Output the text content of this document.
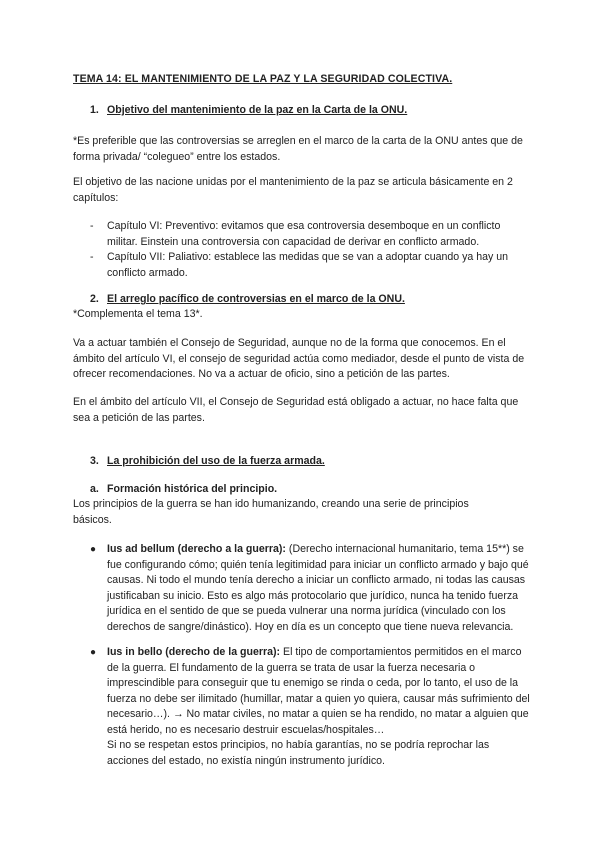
TEMA 14: EL MANTENIMIENTO DE LA PAZ Y LA SEGURIDAD COLECTIVA.
1. Objetivo del mantenimiento de la paz en la Carta de la ONU.
*Es preferible que las controversias se arreglen en el marco de la carta de la ONU antes que de forma privada/ “colegueo” entre los estados.
El objetivo de las nacione unidas por el mantenimiento de la paz se articula básicamente en 2 capítulos:
- Capítulo VI: Preventivo: evitamos que esa controversia desemboque en un conflicto militar. Einstein una controversia con capacidad de derivar en conflicto armado.
- Capítulo VII: Paliativo: establece las medidas que se van a adoptar cuando ya hay un conflicto armado.
2. El arreglo pacífico de controversias en el marco de la ONU.
*Complementa el tema 13*.
Va a actuar también el Consejo de Seguridad, aunque no de la forma que conocemos. En el ámbito del artículo VI, el consejo de seguridad actúa como mediador, desde el punto de vista de ofrecer recomendaciones. No va a actuar de oficio, sino a petición de las partes.
En el ámbito del artículo VII, el Consejo de Seguridad está obligado a actuar, no hace falta que sea a petición de las partes.
3. La prohibición del uso de la fuerza armada.
a. Formación histórica del principio.
Los principios de la guerra se han ido humanizando, creando una serie de principios básicos.
● Ius ad bellum (derecho a la guerra): (Derecho internacional humanitario, tema 15**) se fue configurando cómo; quién tenía legitimidad para iniciar un conflicto armado y bajo qué causas. Ni todo el mundo tenía derecho a iniciar un conflicto armado, ni todas las causas justificaban su inicio. Esto es algo más protocolario que jurídico, nunca ha tenido fuerza jurídica en el sentido de que se pueda vulnerar una norma jurídica (vinculado con los derechos de sangre/dinástico). Hoy en día es un concepto que tiene nueva relevancia.
● Ius in bello (derecho de la guerra): El tipo de comportamientos permitidos en el marco de la guerra. El fundamento de la guerra se trata de usar la fuerza necesaria o imprescindible para conseguir que tu enemigo se rinda o ceda, por lo tanto, el uso de la fuerza no debe ser ilimitado (humillar, matar a quien yo quiera, causar más sufrimiento del necesario…). → No matar civiles, no matar a quien se ha rendido, no matar a alguien que está herido, no es necesario destruir escuelas/hospitales…
Si no se respetan estos principios, no había garantías, no se podría reprochar las acciones del estado, no existía ningún instrumento jurídico.
